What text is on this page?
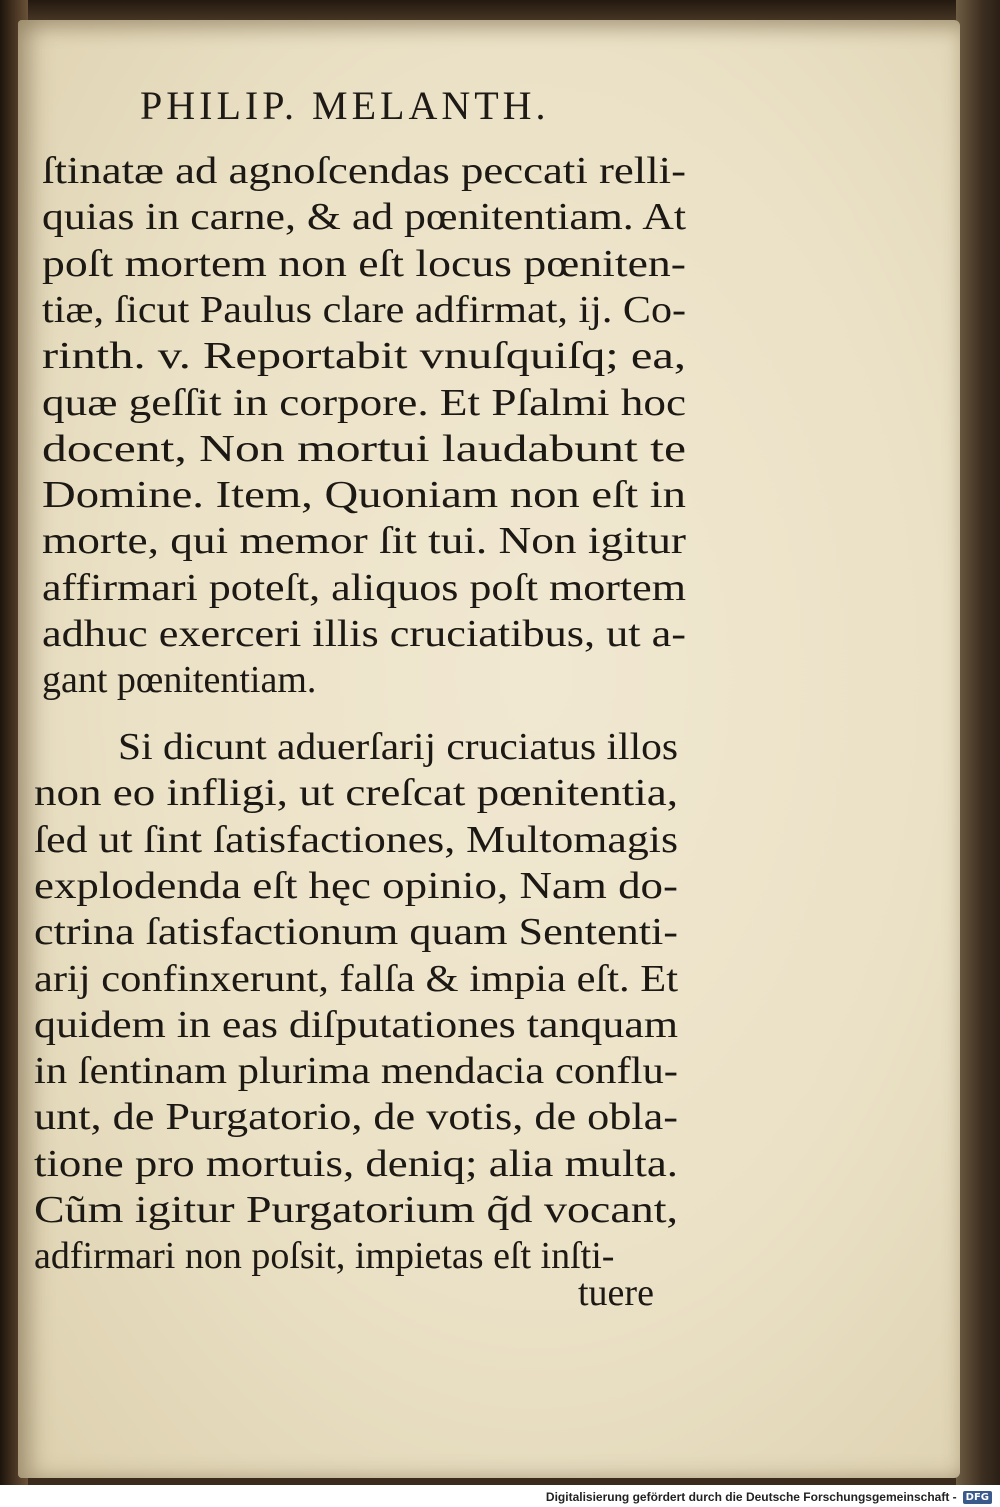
PHILIP. MELANTH.
ſtinatæ ad agnoſcendas peccati relli-
quias in carne, & ad pœnitentiam. At
poſt mortem non eſt locus pœniten-
tiæ, ſicut Paulus clare adfirmat, ij. Co-
rinth. v. Reportabit vnuſquiſq; ea,
quæ geſſit in corpore. Et Pſalmi hoc
docent, Non mortui laudabunt te
Domine. Item, Quoniam non eſt in
morte, qui memor ſit tui. Non igitur
affirmari poteſt, aliquos poſt mortem
adhuc exerceri illis cruciatibus, ut a-
gant pœnitentiam.
Si dicunt aduerſarij cruciatus illos
non eo infligi, ut creſcat pœnitentia,
ſed ut ſint ſatisfactiones, Multomagis
explodenda eſt hęc opinio, Nam do-
ctrina ſatisfactionum quam Sententi-
arij confinxerunt, falſa & impia eſt. Et
quidem in eas diſputationes tanquam
in ſentinam plurima mendacia conflu-
unt, de Purgatorio, de votis, de obla-
tione pro mortuis, deniq; alia multa.
Cũm igitur Purgatorium q̃d vocant,
adfirmari non poſsit, impietas eſt inſti-
tuere
Digitalisierung gefördert durch die Deutsche Forschungsgemeinschaft - DFG
